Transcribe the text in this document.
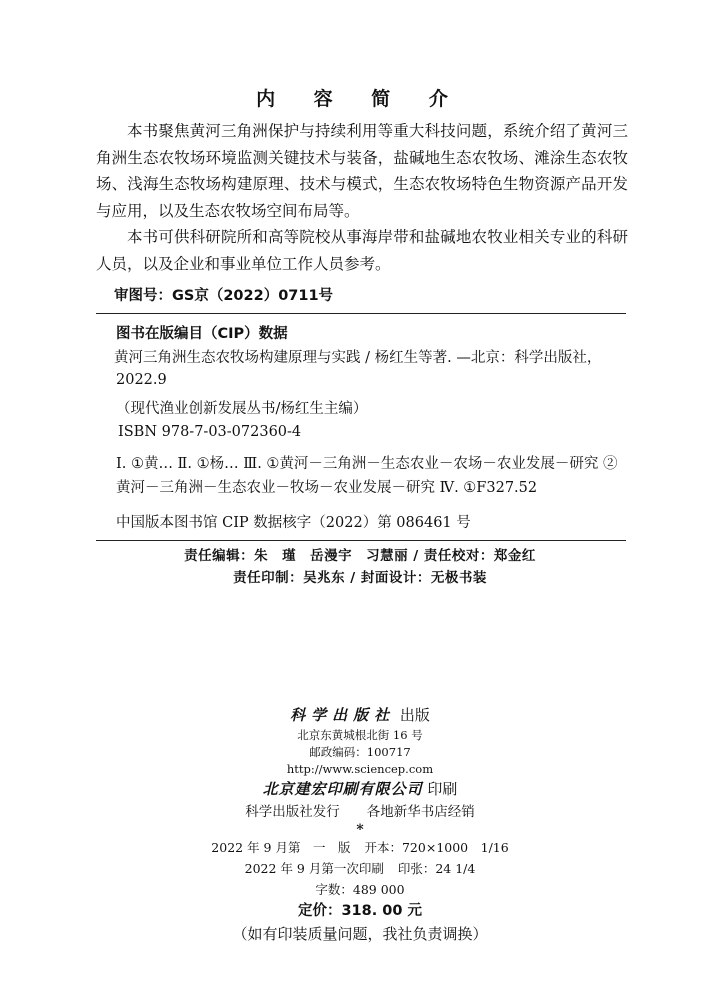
内 容 简 介

本书聚焦黄河三角洲保护与持续利用等重大科技问题，系统介绍了黄河三角洲生态农牧场环境监测关键技术与装备，盐碱地生态农牧场、滩涂生态农牧场、浅海生态牧场构建原理、技术与模式，生态农牧场特色生物资源产品开发与应用，以及生态农牧场空间布局等。

本书可供科研院所和高等院校从事海岸带和盐碱地农牧业相关专业的科研人员，以及企业和事业单位工作人员参考。

审图号：GS京（2022）0711号
图书在版编目（CIP）数据

黄河三角洲生态农牧场构建原理与实践 / 杨红生等著. —北京：科学出版社，2022.9

（现代渔业创新发展丛书/杨红生主编）

ISBN 978-7-03-072360-4

Ⅰ. ①黄… Ⅱ. ①杨… Ⅲ. ①黄河－三角洲－生态农业－农场－农业发展－研究 ②黄河－三角洲－生态农业－牧场－农业发展－研究 Ⅳ. ①F327.52

中国版本图书馆 CIP 数据核字（2022）第 086461 号

责任编辑：朱　瑾　岳漫宇　习慧丽 / 责任校对：郑金红
责任印制：吴兆东 / 封面设计：无极书装
科学出版社 出版
北京东黄城根北街 16 号
邮政编码：100717
http://www.sciencep.com
北京建宏印刷有限公司 印刷
科学出版社发行　　各地新华书店经销
*
2022 年 9 月第　一　版 开本：720×1000　1/16
2022 年 9 月第一次印刷 印张：24 1/4
字数：489 000
定价：318. 00 元
（如有印装质量问题，我社负责调换）
